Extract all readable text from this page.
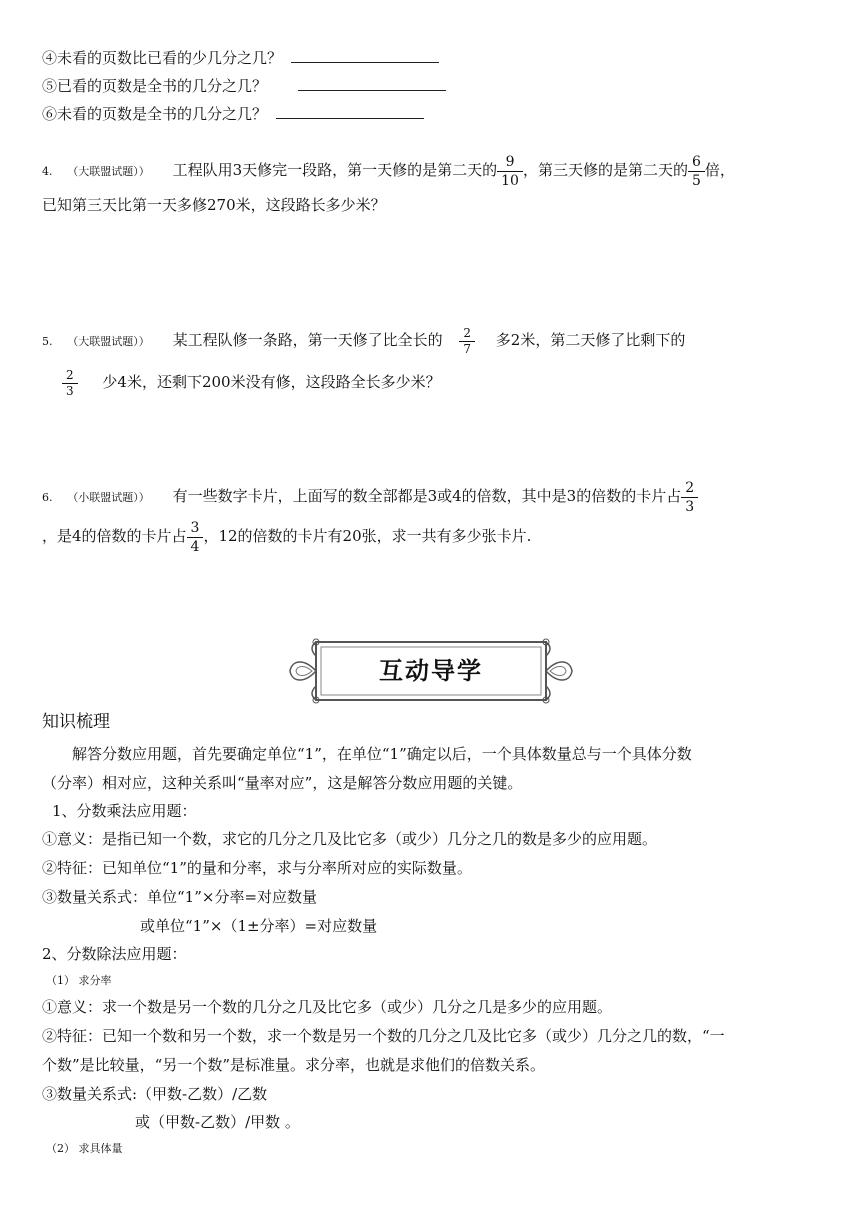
④未看的页数比已看的少几分之几？
⑤已看的页数是全书的几分之几？
⑥未看的页数是全书的几分之几？
4. （大联盟试题）） 工程队用3天修完一段路，第一天修的是第二天的 $\frac{9}{10}$ ，第三天修的是第二天的 $\frac{6}{5}$ 倍，
已知第三天比第一天多修270米，这段路长多少米？
5. （大联盟试题）） 某工程队修一条路，第一天修了比全长的 $\frac{2}{7}$ 多2米，第二天修了比剩下的
$\frac{2}{3}$ 少4米，还剩下200米没有修，这段路全长多少米？
6. （小联盟试题）） 有一些数字卡片，上面写的数全部都是3或4的倍数，其中是3的倍数的卡片占 $\frac{2}{3}$
，是4的倍数的卡片占 $\frac{3}{4}$ ，12的倍数的卡片有20张，求一共有多少张卡片.
互动导学
知识梳理
解答分数应用题，首先要确定单位“1”，在单位“1”确定以后，一个具体数量总与一个具体分数
（分率）相对应，这种关系叫“量率对应”，这是解答分数应用题的关键。
1、分数乘法应用题：
①意义：是指已知一个数，求它的几分之几及比它多（或少）几分之几的数是多少的应用题。
②特征：已知单位“1”的量和分率，求与分率所对应的实际数量。
③数量关系式：单位“1”×分率=对应数量
或单位“1”×（1±分率）=对应数量
2、分数除法应用题：
（1） 求分率
①意义：求一个数是另一个数的几分之几及比它多（或少）几分之几是多少的应用题。
②特征：已知一个数和另一个数，求一个数是另一个数的几分之几及比它多（或少）几分之几的数，“一
个数”是比较量，“另一个数”是标准量。求分率，也就是求他们的倍数关系。
③数量关系式:（甲数-乙数）/乙数
或（甲数-乙数）/甲数 。
（2） 求具体量
